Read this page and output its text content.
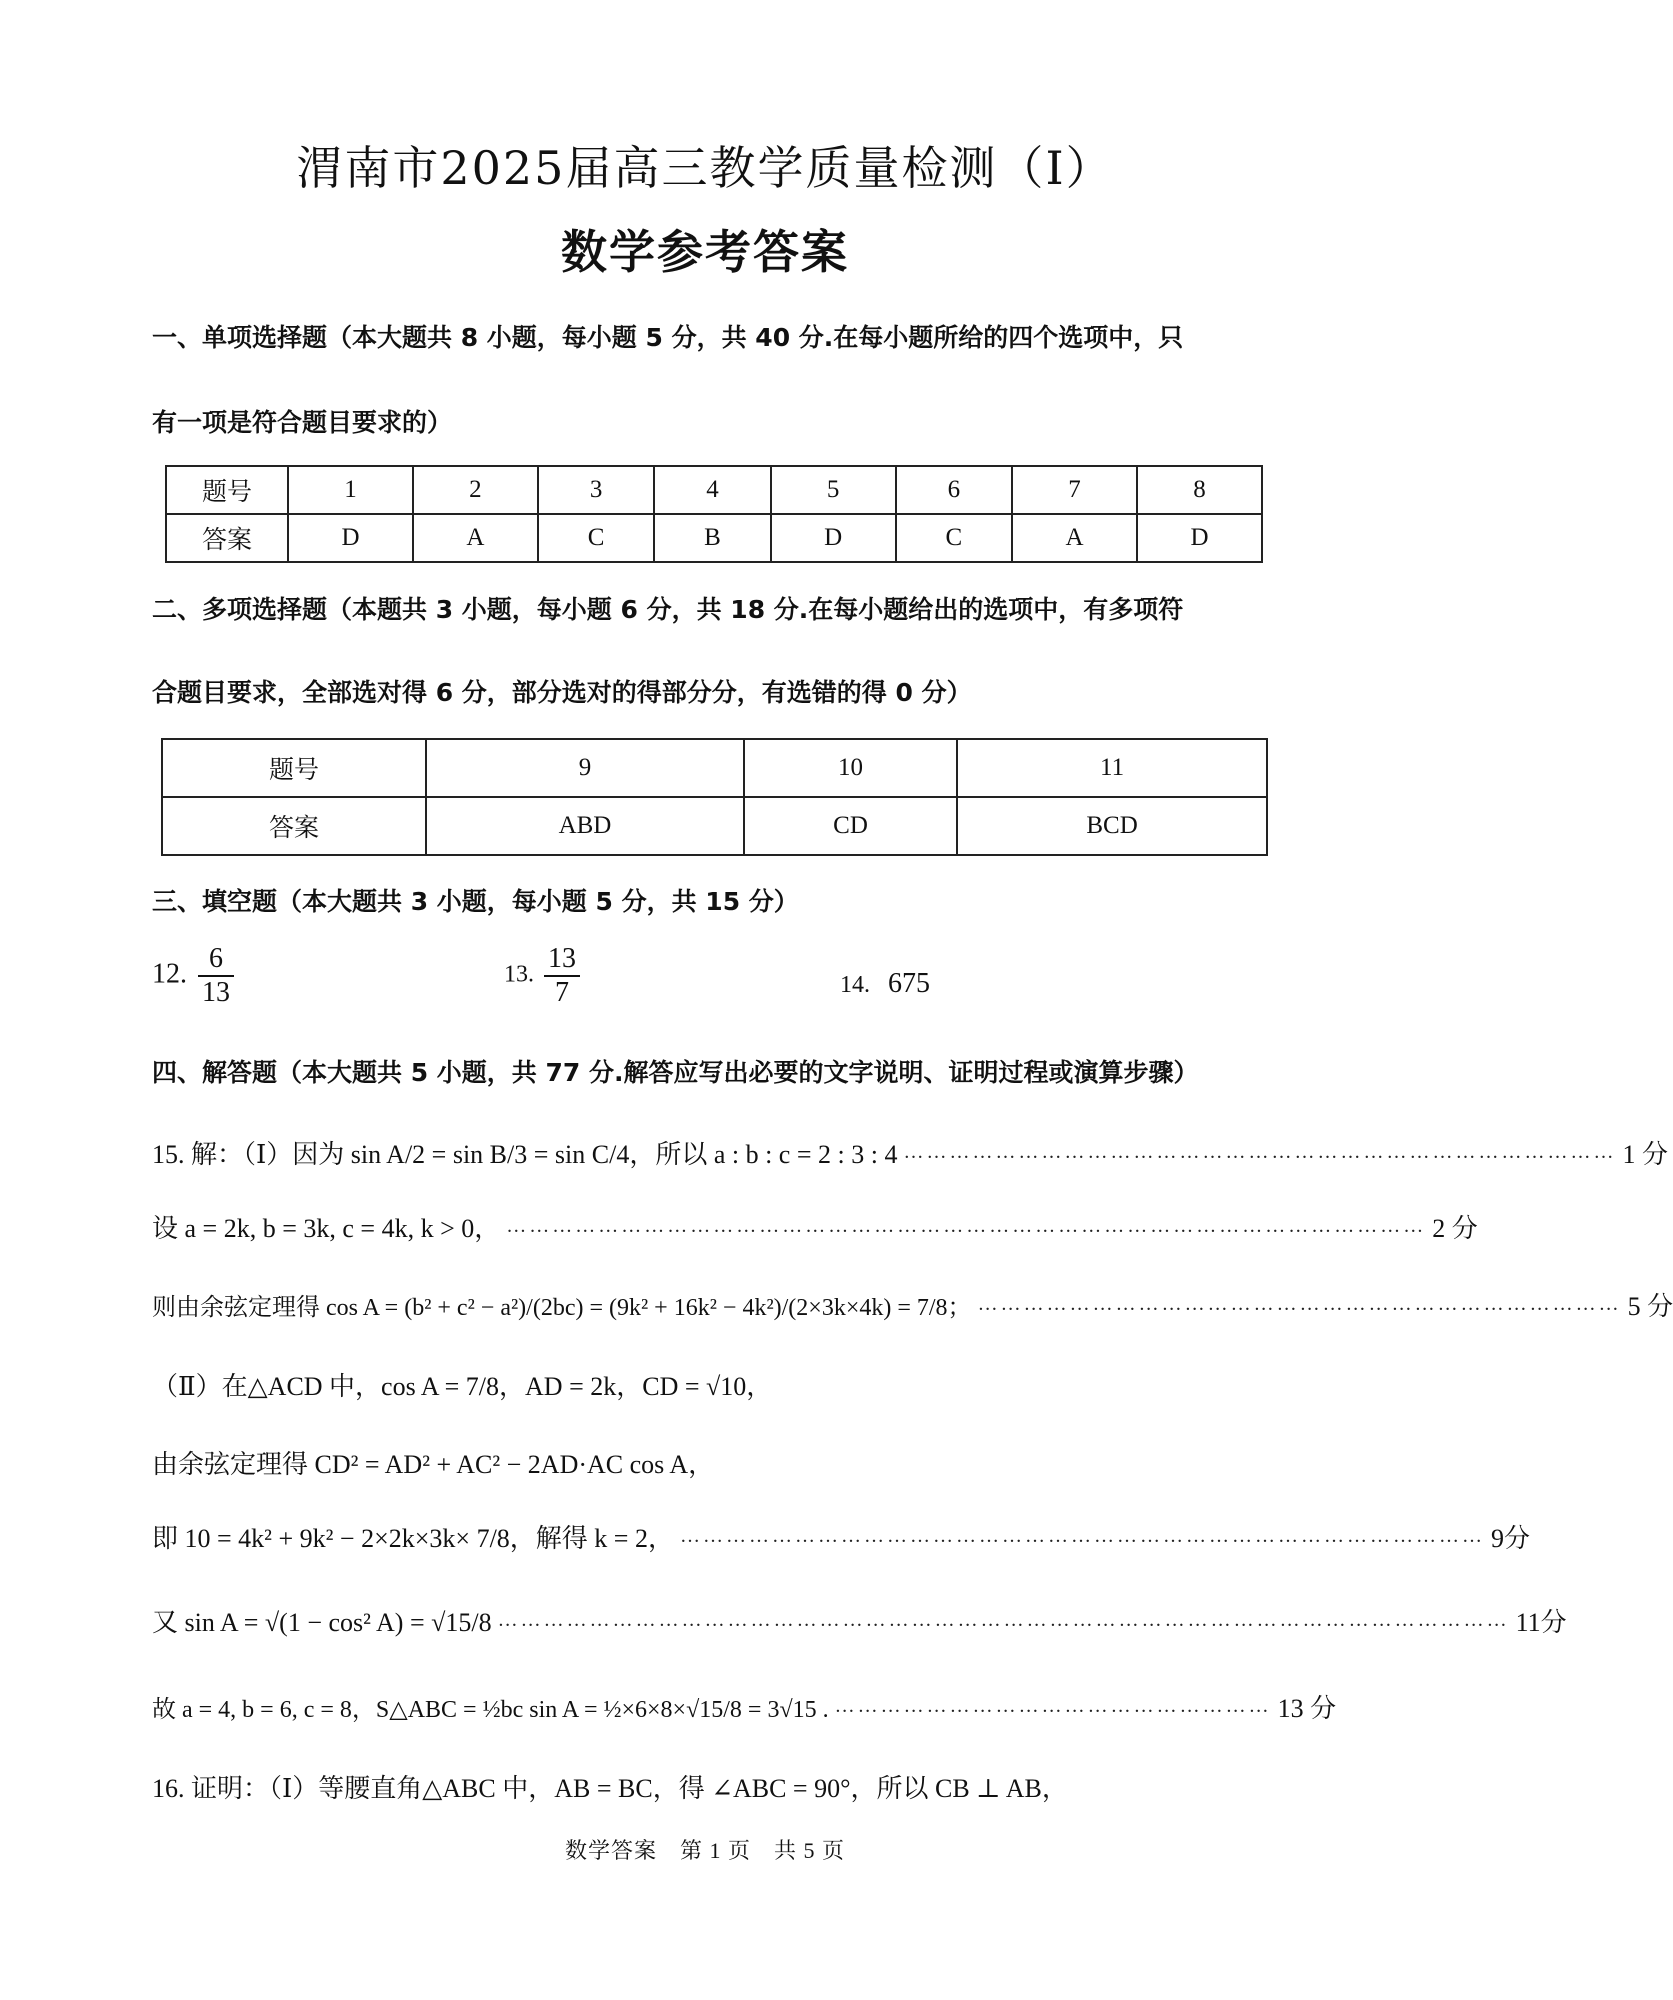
渭南市2025届高三教学质量检测（Ⅰ）
数学参考答案
一、单项选择题（本大题共 8 小题，每小题 5 分，共 40 分.在每小题所给的四个选项中，只
有一项是符合题目要求的）
题号	1	2	3	4	5	6	7	8
答案	D	A	C	B	D	C	A	D
二、多项选择题（本题共 3 小题，每小题 6 分，共 18 分.在每小题给出的选项中，有多项符
合题目要求，全部选对得 6 分，部分选对的得部分分，有选错的得 0 分）
题号	9	10	11
答案	ABD	CD	BCD
三、填空题（本大题共 3 小题，每小题 5 分，共 15 分）
12. $\frac{6}{13}$	13. $\frac{13}{7}$	14. 675
四、解答题（本大题共 5 小题，共 77 分.解答应写出必要的文字说明、证明过程或演算步骤）
15. 解：（Ⅰ）因为 sin A/2 = sin B/3 = sin C/4，所以 a : b : c = 2 : 3 : 4 ………………………………………………………………………………… 1 分
设 a = 2k, b = 3k, c = 4k, k > 0， ………………………………………………………………………………………………………… 2 分
则由余弦定理得 cos A = (b² + c² − a²)/(2bc) = (9k² + 16k² − 4k²)/(2×3k×4k) = 7/8； ………………………………………………………………………… 5 分
（Ⅱ）在△ACD 中，cos A = 7/8，AD = 2k，CD = √10，
由余弦定理得 CD² = AD² + AC² − 2AD·AC cos A，
即 10 = 4k² + 9k² − 2×2k×3k× 7/8，解得 k = 2， …………………………………………………………………………………………… 9分
又 sin A = √(1 − cos² A) = √15/8 …………………………………………………………………………………………………………………… 11分
故 a = 4, b = 6, c = 8，S△ABC = ½bc sin A = ½×6×8×√15/8 = 3√15 . ………………………………………………… 13 分
16. 证明：（Ⅰ）等腰直角△ABC 中，AB = BC，得 ∠ABC = 90°，所以 CB ⊥ AB，
数学答案　第 1 页　共 5 页
